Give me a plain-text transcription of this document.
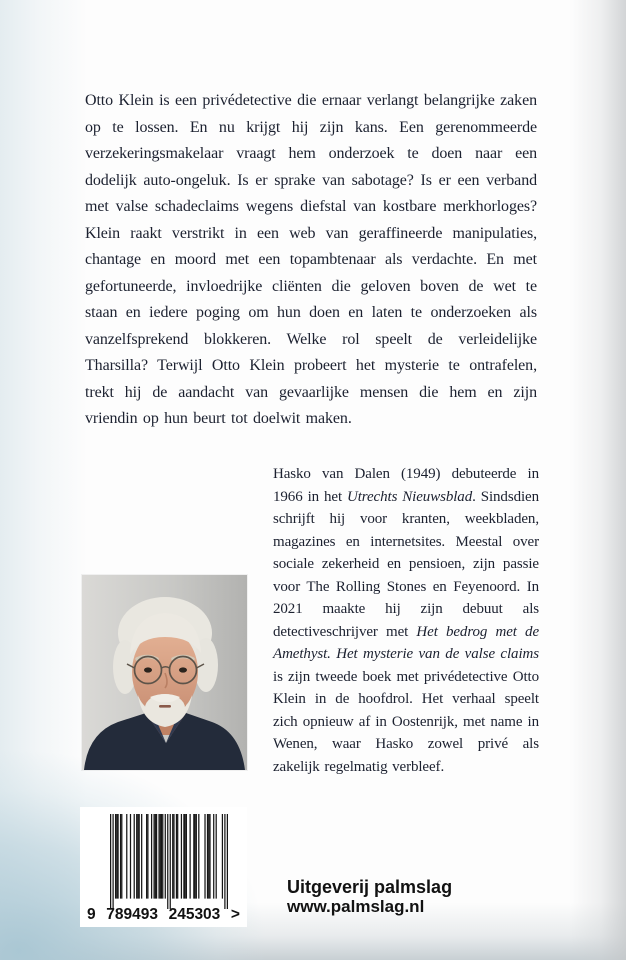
Otto Klein is een privédetective die ernaar verlangt belangrijke zaken op te lossen. En nu krijgt hij zijn kans. Een gerenommeerde verzekeringsmakelaar vraagt hem onderzoek te doen naar een dodelijk auto-ongeluk. Is er sprake van sabotage? Is er een verband met valse schadeclaims wegens diefstal van kostbare merkhorloges? Klein raakt verstrikt in een web van geraffineerde manipulaties, chantage en moord met een topambtenaar als verdachte. En met gefortuneerde, invloedrijke cliënten die geloven boven de wet te staan en iedere poging om hun doen en laten te onderzoeken als vanzelfsprekend blokkeren. Welke rol speelt de verleidelijke Tharsilla? Terwijl Otto Klein probeert het mysterie te ontrafelen, trekt hij de aandacht van gevaarlijke mensen die hem en zijn vriendin op hun beurt tot doelwit maken.

Hasko van Dalen (1949) debuteerde in 1966 in het Utrechts Nieuwsblad. Sindsdien schrijft hij voor kranten, weekbladen, magazines en internetsites. Meestal over sociale zekerheid en pensioen, zijn passie voor The Rolling Stones en Feyenoord. In 2021 maakte hij zijn debuut als detectiveschrijver met Het bedrog met de Amethyst. Het mysterie van de valse claims is zijn tweede boek met privédetective Otto Klein in de hoofdrol. Het verhaal speelt zich opnieuw af in Oostenrijk, met name in Wenen, waar Hasko zowel privé als zakelijk regelmatig verbleef.

9 789493 245303 >
Uitgeverij palmslag
www.palmslag.nl
